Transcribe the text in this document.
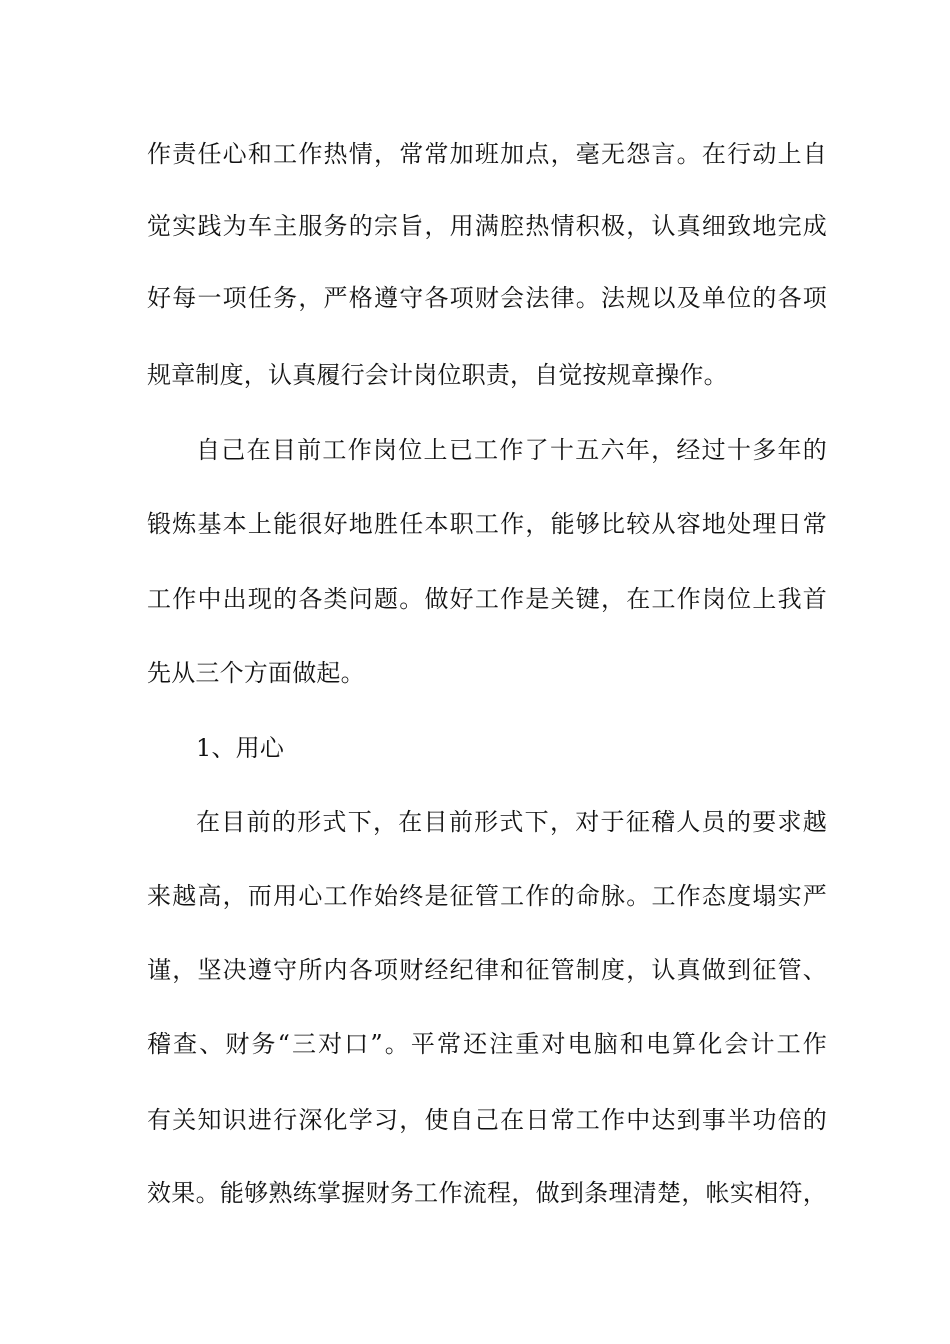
作责任心和工作热情，常常加班加点，毫无怨言。在行动上自
觉实践为车主服务的宗旨，用满腔热情积极，认真细致地完成
好每一项任务，严格遵守各项财会法律。法规以及单位的各项
规章制度，认真履行会计岗位职责，自觉按规章操作。
自己在目前工作岗位上已工作了十五六年，经过十多年的
锻炼基本上能很好地胜任本职工作，能够比较从容地处理日常
工作中出现的各类问题。做好工作是关键，在工作岗位上我首
先从三个方面做起。
1、用心
在目前的形式下，在目前形式下，对于征稽人员的要求越
来越高，而用心工作始终是征管工作的命脉。工作态度塌实严
谨，坚决遵守所内各项财经纪律和征管制度，认真做到征管、
稽查、财务“三对口”。平常还注重对电脑和电算化会计工作
有关知识进行深化学习，使自己在日常工作中达到事半功倍的
效果。能够熟练掌握财务工作流程，做到条理清楚，帐实相符，
